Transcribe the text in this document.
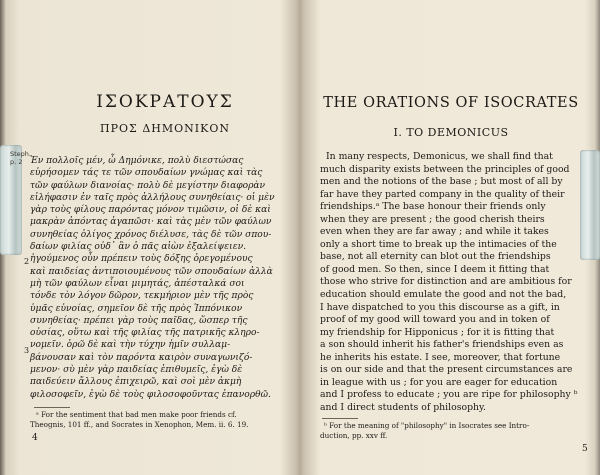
ΙΣΟΚΡΑΤΟΥΣ
ΠΡΟΣ ΔΗΜΟΝΙΚΟΝ
Steph.
p. 2
2
3
Ἐν πολλοῖς μέν, ὦ Δημόνικε, πολὺ διεστώσας
εὑρήσομεν τάς τε τῶν σπουδαίων γνώμας καὶ τὰς
τῶν φαύλων διανοίας· πολὺ δὲ μεγίστην διαφορὰν
εἰλήφασιν ἐν ταῖς πρὸς ἀλλήλους συνηθείαις· οἱ μὲν
γὰρ τοὺς φίλους παρόντας μόνον τιμῶσιν, οἱ δὲ καὶ
μακρὰν ἀπόντας ἀγαπῶσι· καὶ τὰς μὲν τῶν φαύλων
συνηθείας ὀλίγος χρόνος διέλυσε, τὰς δὲ τῶν σπου-
δαίων φιλίας οὐδ᾿ ἂν ὁ πᾶς αἰὼν ἐξαλείψειεν.
ἡγούμενος οὖν πρέπειν τοὺς δόξης ὀρεγομένους
καὶ παιδείας ἀντιποιουμένους τῶν σπουδαίων ἀλλὰ
μὴ τῶν φαύλων εἶναι μιμητάς, ἀπέσταλκά σοι
τόνδε τὸν λόγον δῶρον, τεκμήριον μὲν τῆς πρὸς
ὑμᾶς εὐνοίας, σημεῖον δὲ τῆς πρὸς Ἱππόνικον
συνηθείας· πρέπει γὰρ τοὺς παῖδας, ὥσπερ τῆς
οὐσίας, οὕτω καὶ τῆς φιλίας τῆς πατρικῆς κληρο-
νομεῖν. ὁρῶ δὲ καὶ τὴν τύχην ἡμῖν συλλαμ-
βάνουσαν καὶ τὸν παρόντα καιρὸν συναγωνιζό-
μενον· σὺ μὲν γὰρ παιδείας ἐπιθυμεῖς, ἐγὼ δὲ
παιδεύειν ἄλλους ἐπιχειρῶ, καὶ σοὶ μὲν ἀκμὴ
φιλοσοφεῖν, ἐγὼ δὲ τοὺς φιλοσοφοῦντας ἐπανορθῶ.
ᵃ For the sentiment that bad men make poor friends cf.
Theognis, 101 ff., and Socrates in Xenophon, Mem. ii. 6. 19.
4
THE ORATIONS OF ISOCRATES
I. TO DEMONICUS
In many respects, Demonicus, we shall find that
much disparity exists between the principles of good
men and the notions of the base ; but most of all by
far have they parted company in the quality of their
friendships.ᵃ The base honour their friends only
when they are present ; the good cherish theirs
even when they are far away ; and while it takes
only a short time to break up the intimacies of the
base, not all eternity can blot out the friendships
of good men. So then, since I deem it fitting that
those who strive for distinction and are ambitious for
education should emulate the good and not the bad,
I have dispatched to you this discourse as a gift, in
proof of my good will toward you and in token of
my friendship for Hipponicus ; for it is fitting that
a son should inherit his father's friendships even as
he inherits his estate. I see, moreover, that fortune
is on our side and that the present circumstances are
in league with us ; for you are eager for education
and I profess to educate ; you are ripe for philosophy ᵇ
and I direct students of philosophy.
ᵇ For the meaning of "philosophy" in Isocrates see Intro-
duction, pp. xxv ff.
5
